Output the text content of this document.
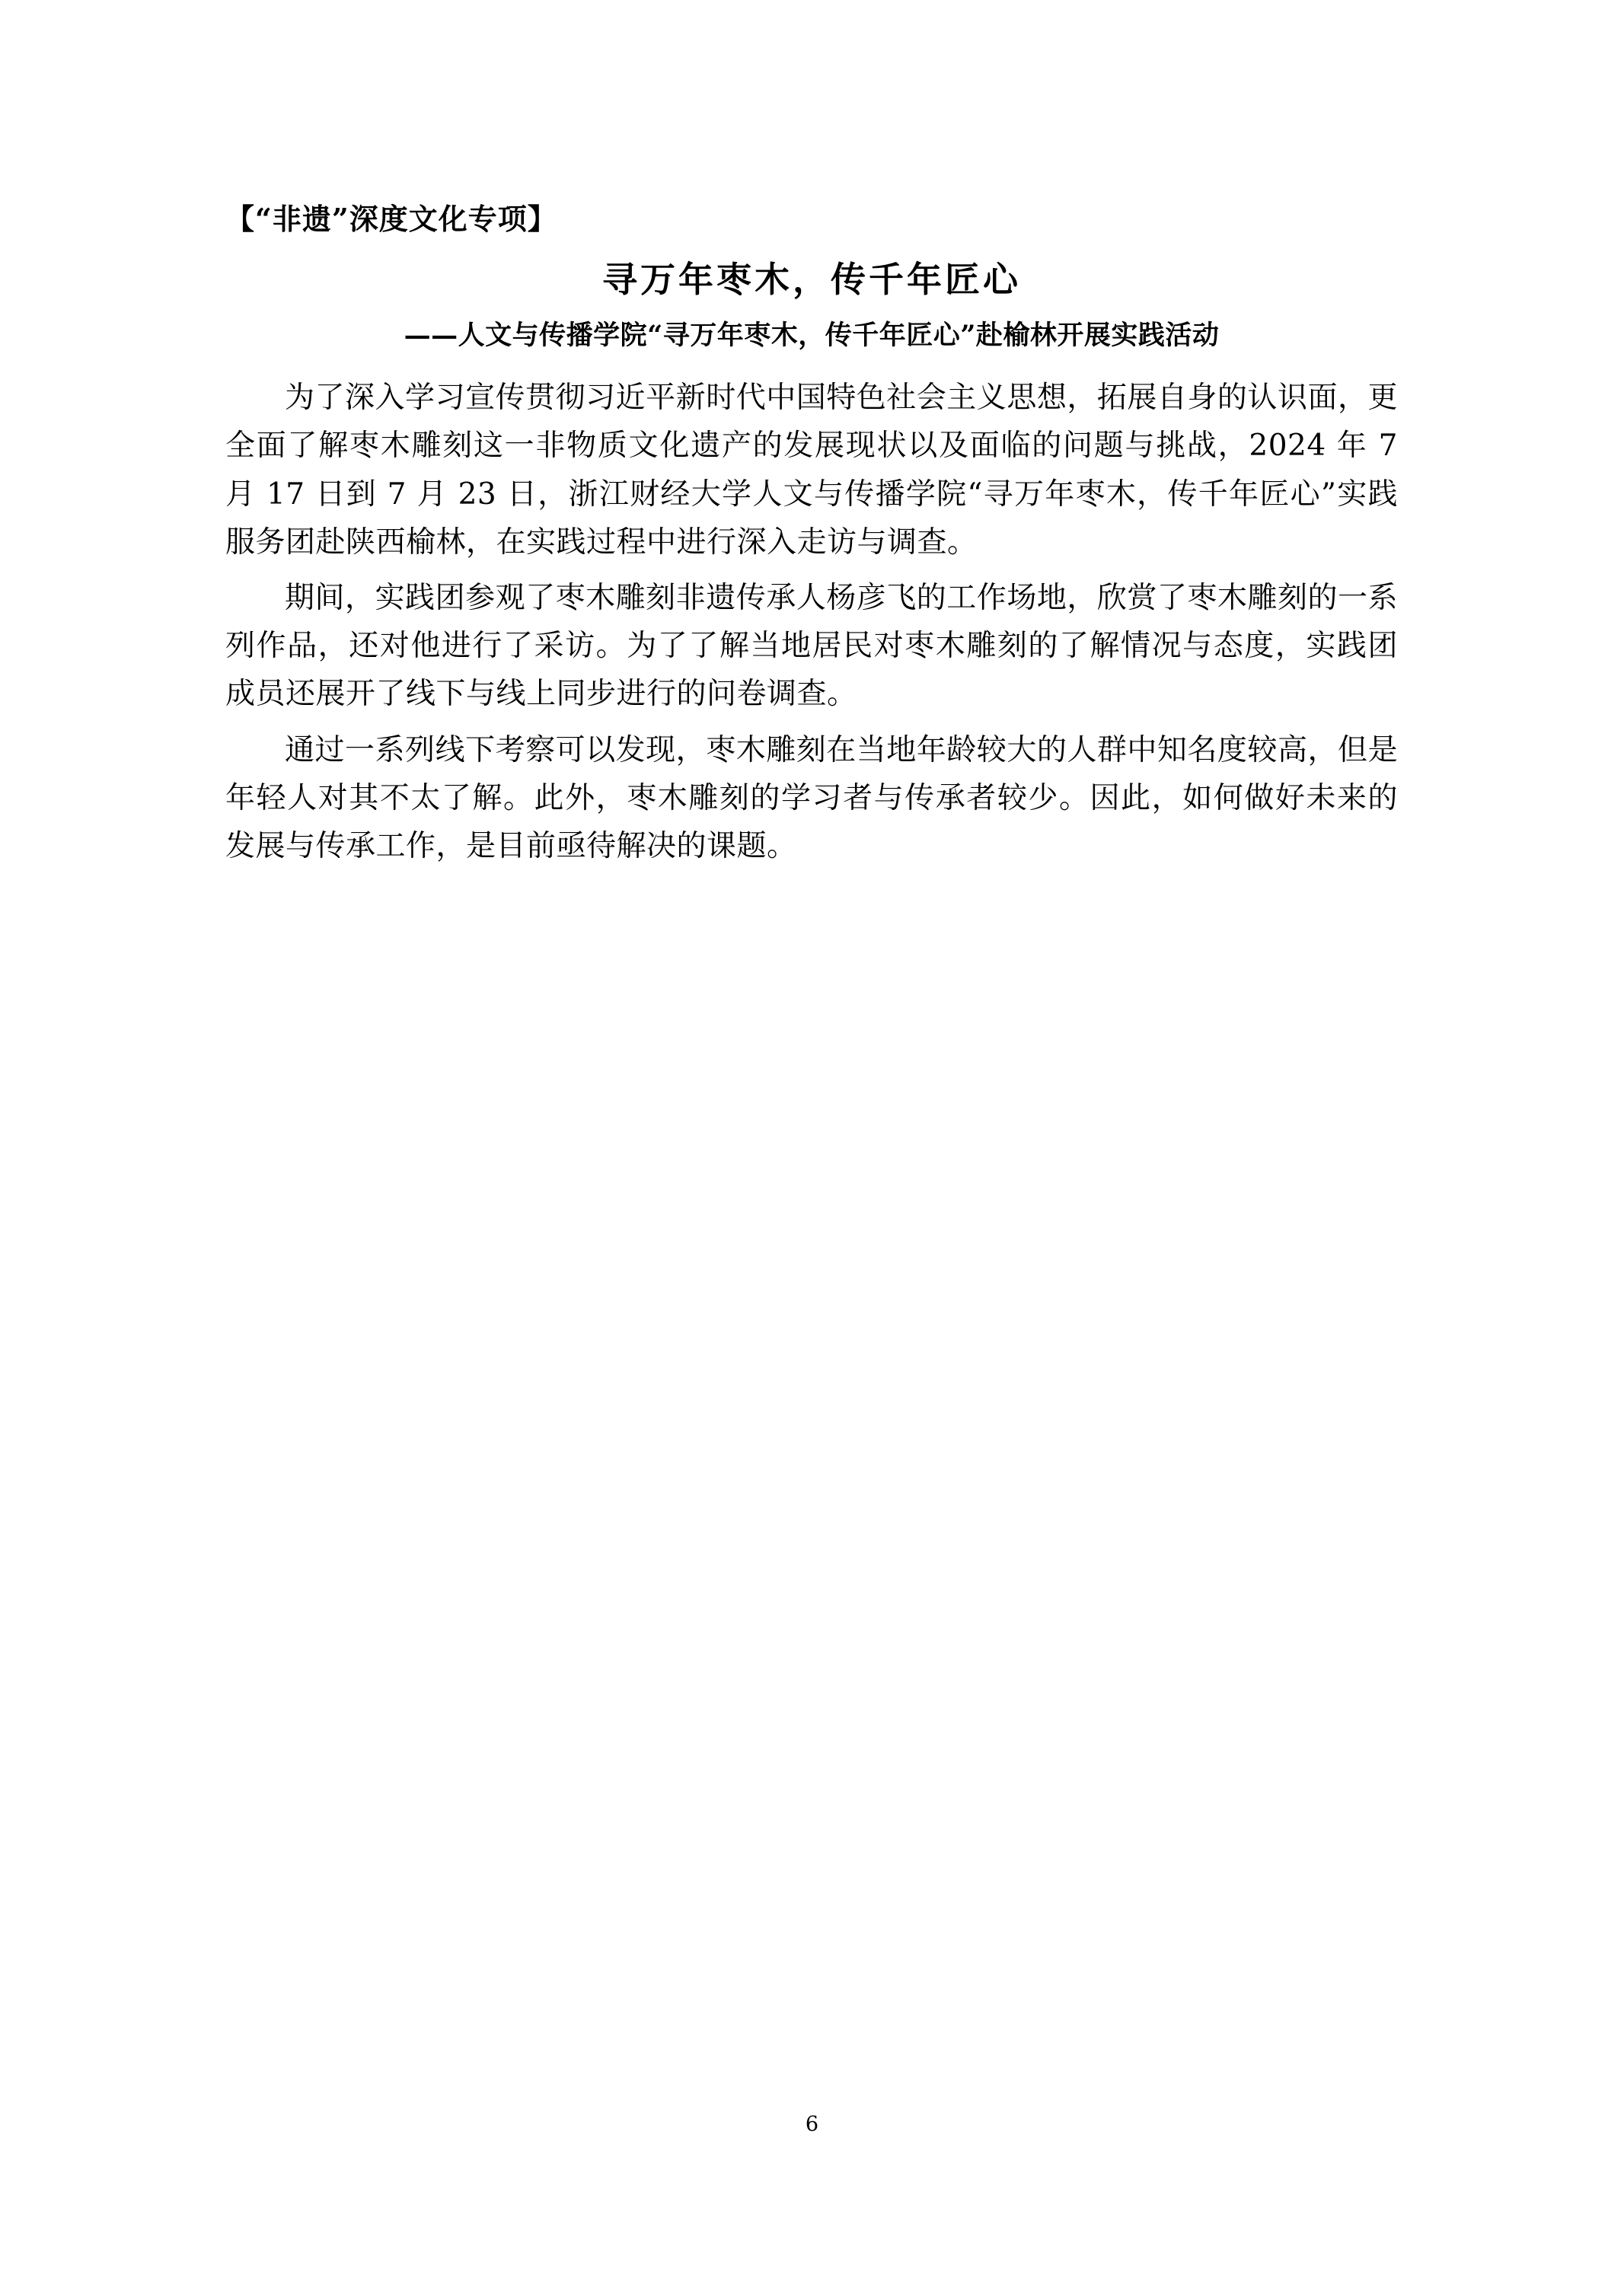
【“非遗”深度文化专项】

寻万年枣木，传千年匠心
——人文与传播学院“寻万年枣木，传千年匠心”赴榆林开展实践活动

为了深入学习宣传贯彻习近平新时代中国特色社会主义思想，拓展自身的认识面，更全面了解枣木雕刻这一非物质文化遗产的发展现状以及面临的问题与挑战，2024 年 7 月 17 日到 7 月 23 日，浙江财经大学人文与传播学院“寻万年枣木，传千年匠心”实践服务团赴陕西榆林，在实践过程中进行深入走访与调查。

期间，实践团参观了枣木雕刻非遗传承人杨彦飞的工作场地，欣赏了枣木雕刻的一系列作品，还对他进行了采访。为了了解当地居民对枣木雕刻的了解情况与态度，实践团成员还展开了线下与线上同步进行的问卷调查。

通过一系列线下考察可以发现，枣木雕刻在当地年龄较大的人群中知名度较高，但是年轻人对其不太了解。此外，枣木雕刻的学习者与传承者较少。因此，如何做好未来的发展与传承工作，是目前亟待解决的课题。

6
